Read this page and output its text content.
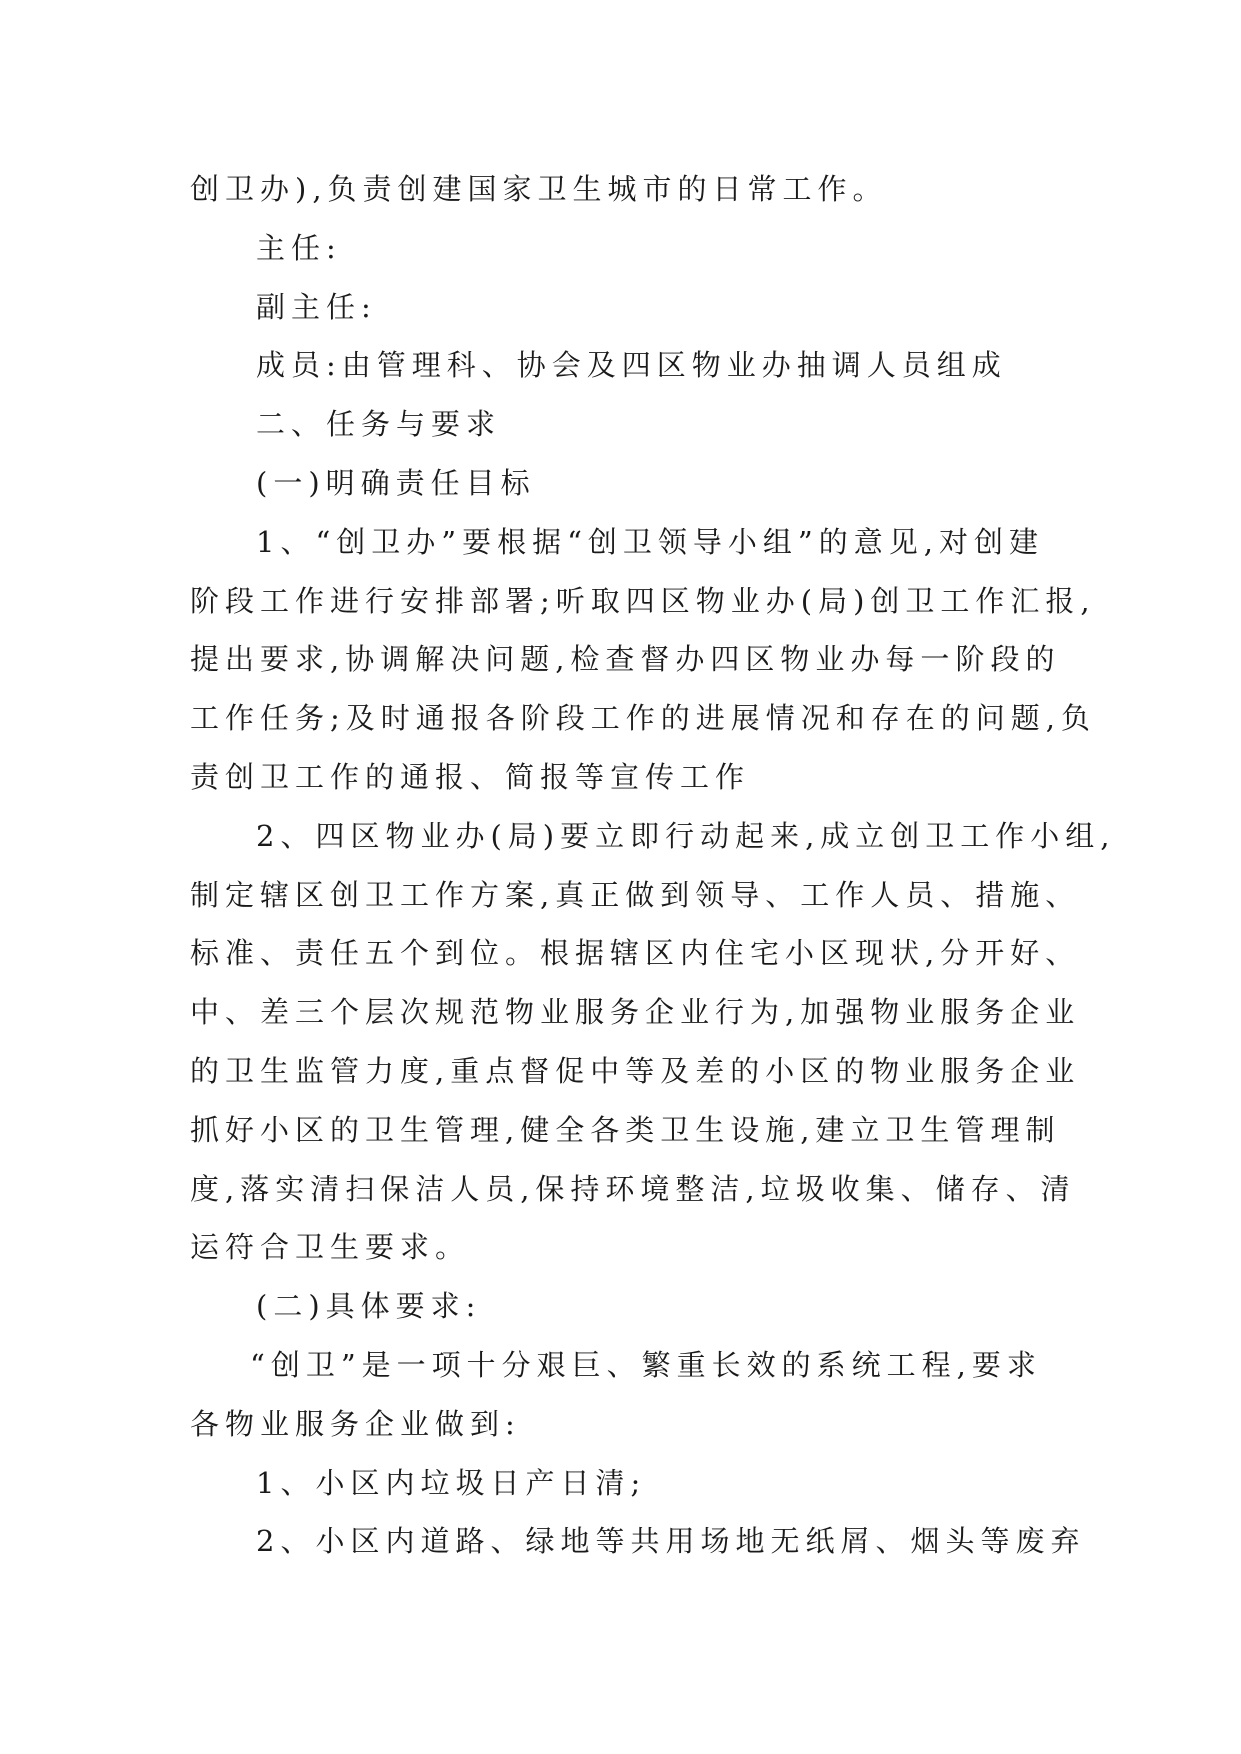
创卫办),负责创建国家卫生城市的日常工作。
主任:
副主任:
成员:由管理科、协会及四区物业办抽调人员组成
二、任务与要求
(一)明确责任目标
1、“创卫办”要根据“创卫领导小组”的意见,对创建
阶段工作进行安排部署;听取四区物业办(局)创卫工作汇报,
提出要求,协调解决问题,检查督办四区物业办每一阶段的
工作任务;及时通报各阶段工作的进展情况和存在的问题,负
责创卫工作的通报、简报等宣传工作
2、四区物业办(局)要立即行动起来,成立创卫工作小组,
制定辖区创卫工作方案,真正做到领导、工作人员、措施、
标准、责任五个到位。根据辖区内住宅小区现状,分开好、
中、差三个层次规范物业服务企业行为,加强物业服务企业
的卫生监管力度,重点督促中等及差的小区的物业服务企业
抓好小区的卫生管理,健全各类卫生设施,建立卫生管理制
度,落实清扫保洁人员,保持环境整洁,垃圾收集、储存、清
运符合卫生要求。
(二)具体要求:
“创卫”是一项十分艰巨、繁重长效的系统工程,要求
各物业服务企业做到:
1、小区内垃圾日产日清;
2、小区内道路、绿地等共用场地无纸屑、烟头等废弃
